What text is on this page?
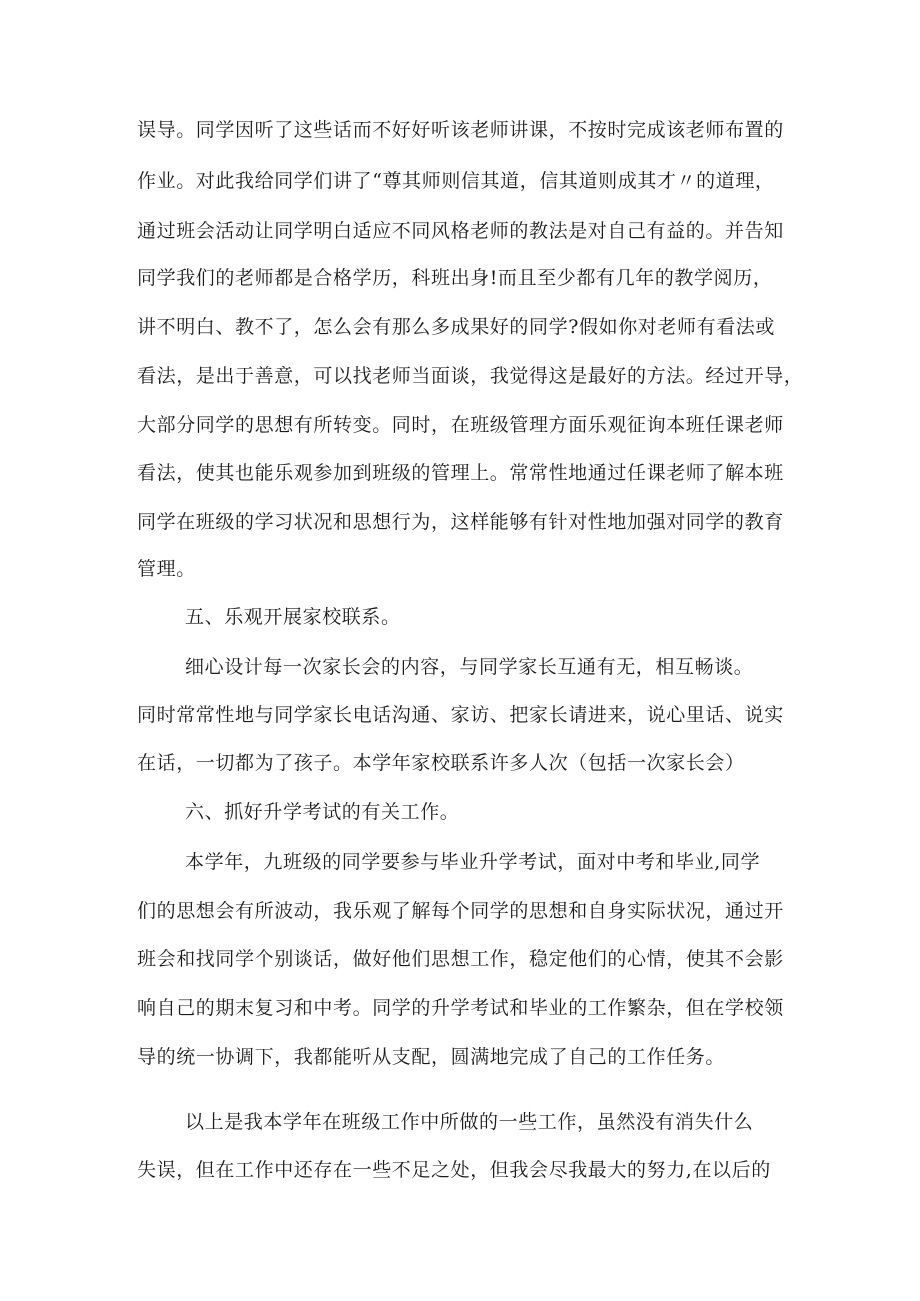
误导。同学因听了这些话而不好好听该老师讲课，不按时完成该老师布置的
作业。对此我给同学们讲了“尊其师则信其道，信其道则成其才〃的道理，
通过班会活动让同学明白适应不同风格老师的教法是对自己有益的。并告知
同学我们的老师都是合格学历，科班出身!而且至少都有几年的教学阅历，
讲不明白、教不了，怎么会有那么多成果好的同学?假如你对老师有看法或
看法，是出于善意，可以找老师当面谈，我觉得这是最好的方法。经过开导，
大部分同学的思想有所转变。同时，在班级管理方面乐观征询本班任课老师
看法，使其也能乐观参加到班级的管理上。常常性地通过任课老师了解本班
同学在班级的学习状况和思想行为，这样能够有针对性地加强对同学的教育
管理。
五、乐观开展家校联系。
细心设计每一次家长会的内容，与同学家长互通有无，相互畅谈。
同时常常性地与同学家长电话沟通、家访、把家长请进来，说心里话、说实
在话，一切都为了孩子。本学年家校联系许多人次（包括一次家长会）
六、抓好升学考试的有关工作。
本学年，九班级的同学要参与毕业升学考试，面对中考和毕业,同学
们的思想会有所波动，我乐观了解每个同学的思想和自身实际状况，通过开
班会和找同学个别谈话，做好他们思想工作，稳定他们的心情，使其不会影
响自己的期末复习和中考。同学的升学考试和毕业的工作繁杂，但在学校领
导的统一协调下，我都能听从支配，圆满地完成了自己的工作任务。
以上是我本学年在班级工作中所做的一些工作，虽然没有消失什么
失误，但在工作中还存在一些不足之处，但我会尽我最大的努力,在以后的
